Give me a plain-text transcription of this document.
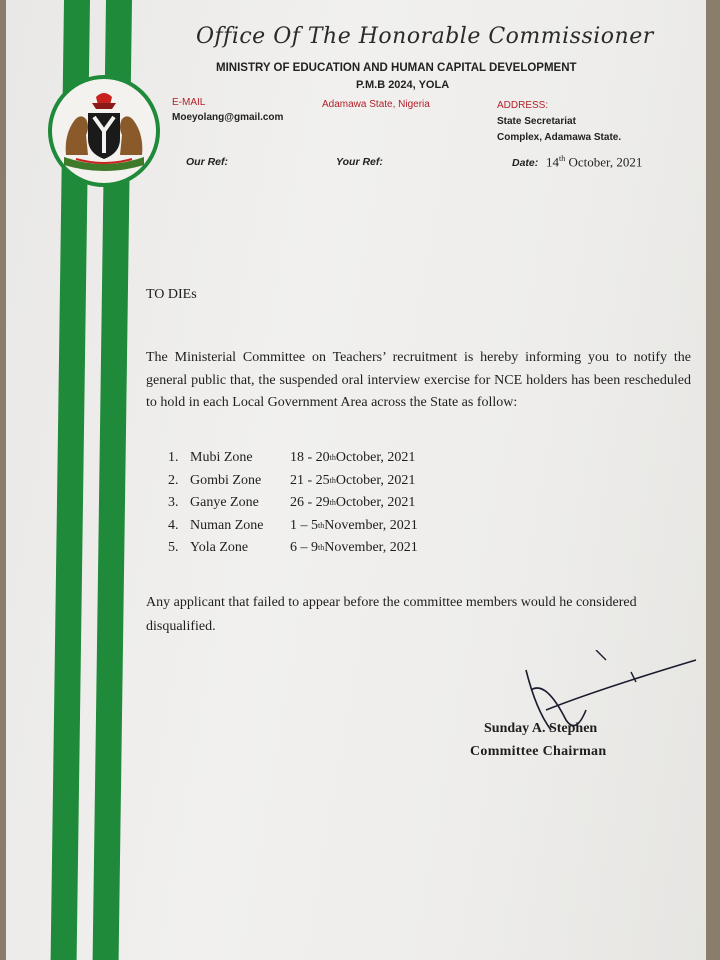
Office Of The Honorable Commissioner
MINISTRY OF EDUCATION AND HUMAN CAPITAL DEVELOPMENT
P.M.B 2024, YOLA
E-MAIL
Moeyolang@gmail.com
Adamawa State, Nigeria	ADDRESS:
State Secretariat
Complex, Adamawa State.
Our Ref:	Your Ref:	Date: 14th October, 2021
TO DIEs
The Ministerial Committee on Teachers’ recruitment is hereby informing you to notify the general public that, the suspended oral interview exercise for NCE holders has been rescheduled to hold in each Local Government Area across the State as follow:
1. Mubi Zone	18 - 20 th October, 2021
2. Gombi Zone	21 - 25 th October, 2021
3. Ganye Zone	26 - 29 th October, 2021
4. Numan Zone	1 – 5 th November, 2021
5. Yola Zone	6 – 9 th November, 2021
Any applicant that failed to appear before the committee members would he considered disqualified.
Sunday A. Stephen
Committee Chairman
